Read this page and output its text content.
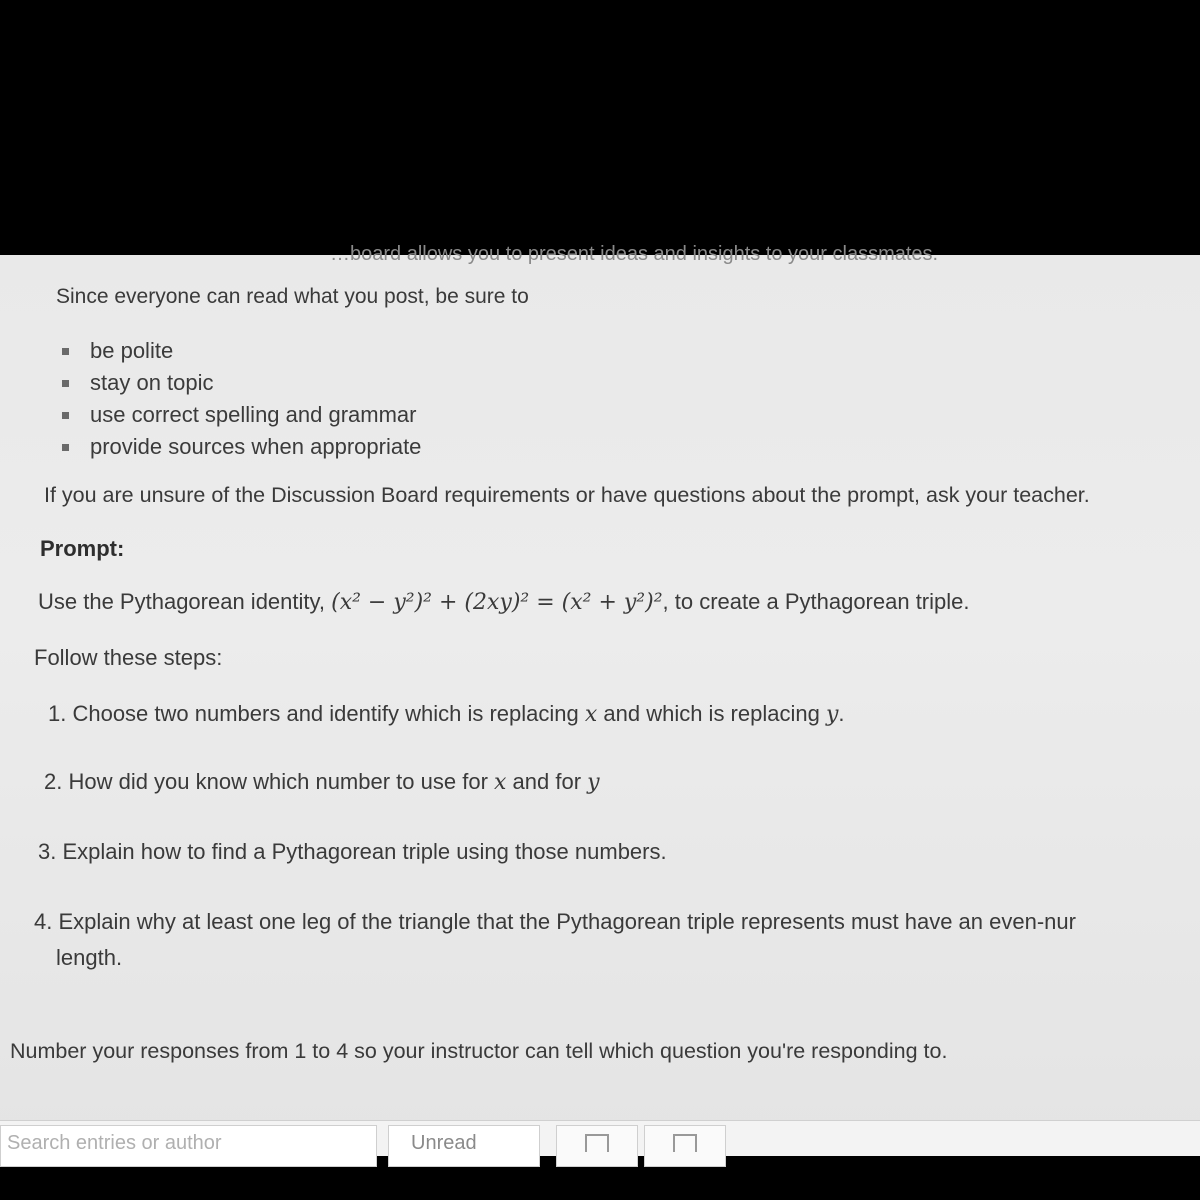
…board allows you to present ideas and insights to your classmates.
Since everyone can read what you post, be sure to
be polite
stay on topic
use correct spelling and grammar
provide sources when appropriate
If you are unsure of the Discussion Board requirements or have questions about the prompt, ask your teacher.
Prompt:
Use the Pythagorean identity, (x² − y²)² + (2xy)² = (x² + y²)², to create a Pythagorean triple.
Follow these steps:
1. Choose two numbers and identify which is replacing x and which is replacing y.
2. How did you know which number to use for x and for y
3. Explain how to find a Pythagorean triple using those numbers.
4. Explain why at least one leg of the triangle that the Pythagorean triple represents must have an even-nur
length.
Number your responses from 1 to 4 so your instructor can tell which question you're responding to.
Search entries or author	Unread
